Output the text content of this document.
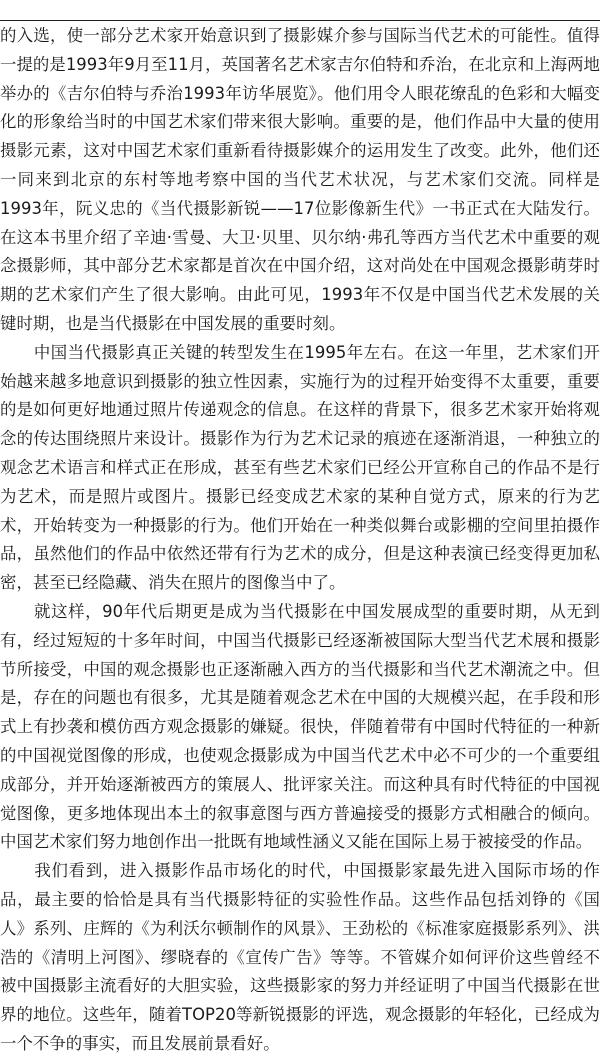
的入选，使一部分艺术家开始意识到了摄影媒介参与国际当代艺术的可能性。值得一提的是1993年9月至11月，英国著名艺术家吉尔伯特和乔治，在北京和上海两地举办的《吉尔伯特与乔治1993年访华展览》。他们用令人眼花缭乱的色彩和大幅变化的形象给当时的中国艺术家们带来很大影响。重要的是，他们作品中大量的使用摄影元素，这对中国艺术家们重新看待摄影媒介的运用发生了改变。此外，他们还一同来到北京的东村等地考察中国的当代艺术状况，与艺术家们交流。同样是1993年，阮义忠的《当代摄影新锐——17位影像新生代》一书正式在大陆发行。在这本书里介绍了辛迪·雪曼、大卫·贝里、贝尔纳·弗孔等西方当代艺术中重要的观念摄影师，其中部分艺术家都是首次在中国介绍，这对尚处在中国观念摄影萌芽时期的艺术家们产生了很大影响。由此可见，1993年不仅是中国当代艺术发展的关键时期，也是当代摄影在中国发展的重要时刻。

　　中国当代摄影真正关键的转型发生在1995年左右。在这一年里，艺术家们开始越来越多地意识到摄影的独立性因素，实施行为的过程开始变得不太重要，重要的是如何更好地通过照片传递观念的信息。在这样的背景下，很多艺术家开始将观念的传达围绕照片来设计。摄影作为行为艺术记录的痕迹在逐渐消退，一种独立的观念艺术语言和样式正在形成，甚至有些艺术家们已经公开宣称自己的作品不是行为艺术，而是照片或图片。摄影已经变成艺术家的某种自觉方式，原来的行为艺术，开始转变为一种摄影的行为。他们开始在一种类似舞台或影棚的空间里拍摄作品，虽然他们的作品中依然还带有行为艺术的成分，但是这种表演已经变得更加私密，甚至已经隐藏、消失在照片的图像当中了。

　　就这样，90年代后期更是成为当代摄影在中国发展成型的重要时期，从无到有，经过短短的十多年时间，中国当代摄影已经逐渐被国际大型当代艺术展和摄影节所接受，中国的观念摄影也正逐渐融入西方的当代摄影和当代艺术潮流之中。但是，存在的问题也有很多，尤其是随着观念艺术在中国的大规模兴起，在手段和形式上有抄袭和模仿西方观念摄影的嫌疑。很快，伴随着带有中国时代特征的一种新的中国视觉图像的形成，也使观念摄影成为中国当代艺术中必不可少的一个重要组成部分，并开始逐渐被西方的策展人、批评家关注。而这种具有时代特征的中国视觉图像，更多地体现出本土的叙事意图与西方普遍接受的摄影方式相融合的倾向。中国艺术家们努力地创作出一批既有地域性涵义又能在国际上易于被接受的作品。

　　我们看到，进入摄影作品市场化的时代，中国摄影家最先进入国际市场的作品，最主要的恰恰是具有当代摄影特征的实验性作品。这些作品包括刘铮的《国人》系列、庄辉的《为利沃尔顿制作的风景》、王劲松的《标准家庭摄影系列》、洪浩的《清明上河图》、缪晓春的《宣传广告》等等。不管媒介如何评价这些曾经不被中国摄影主流看好的大胆实验，这些摄影家的努力并经证明了中国当代摄影在世界的地位。这些年，随着TOP20等新锐摄影的评选，观念摄影的年轻化，已经成为一个不争的事实，而且发展前景看好。
